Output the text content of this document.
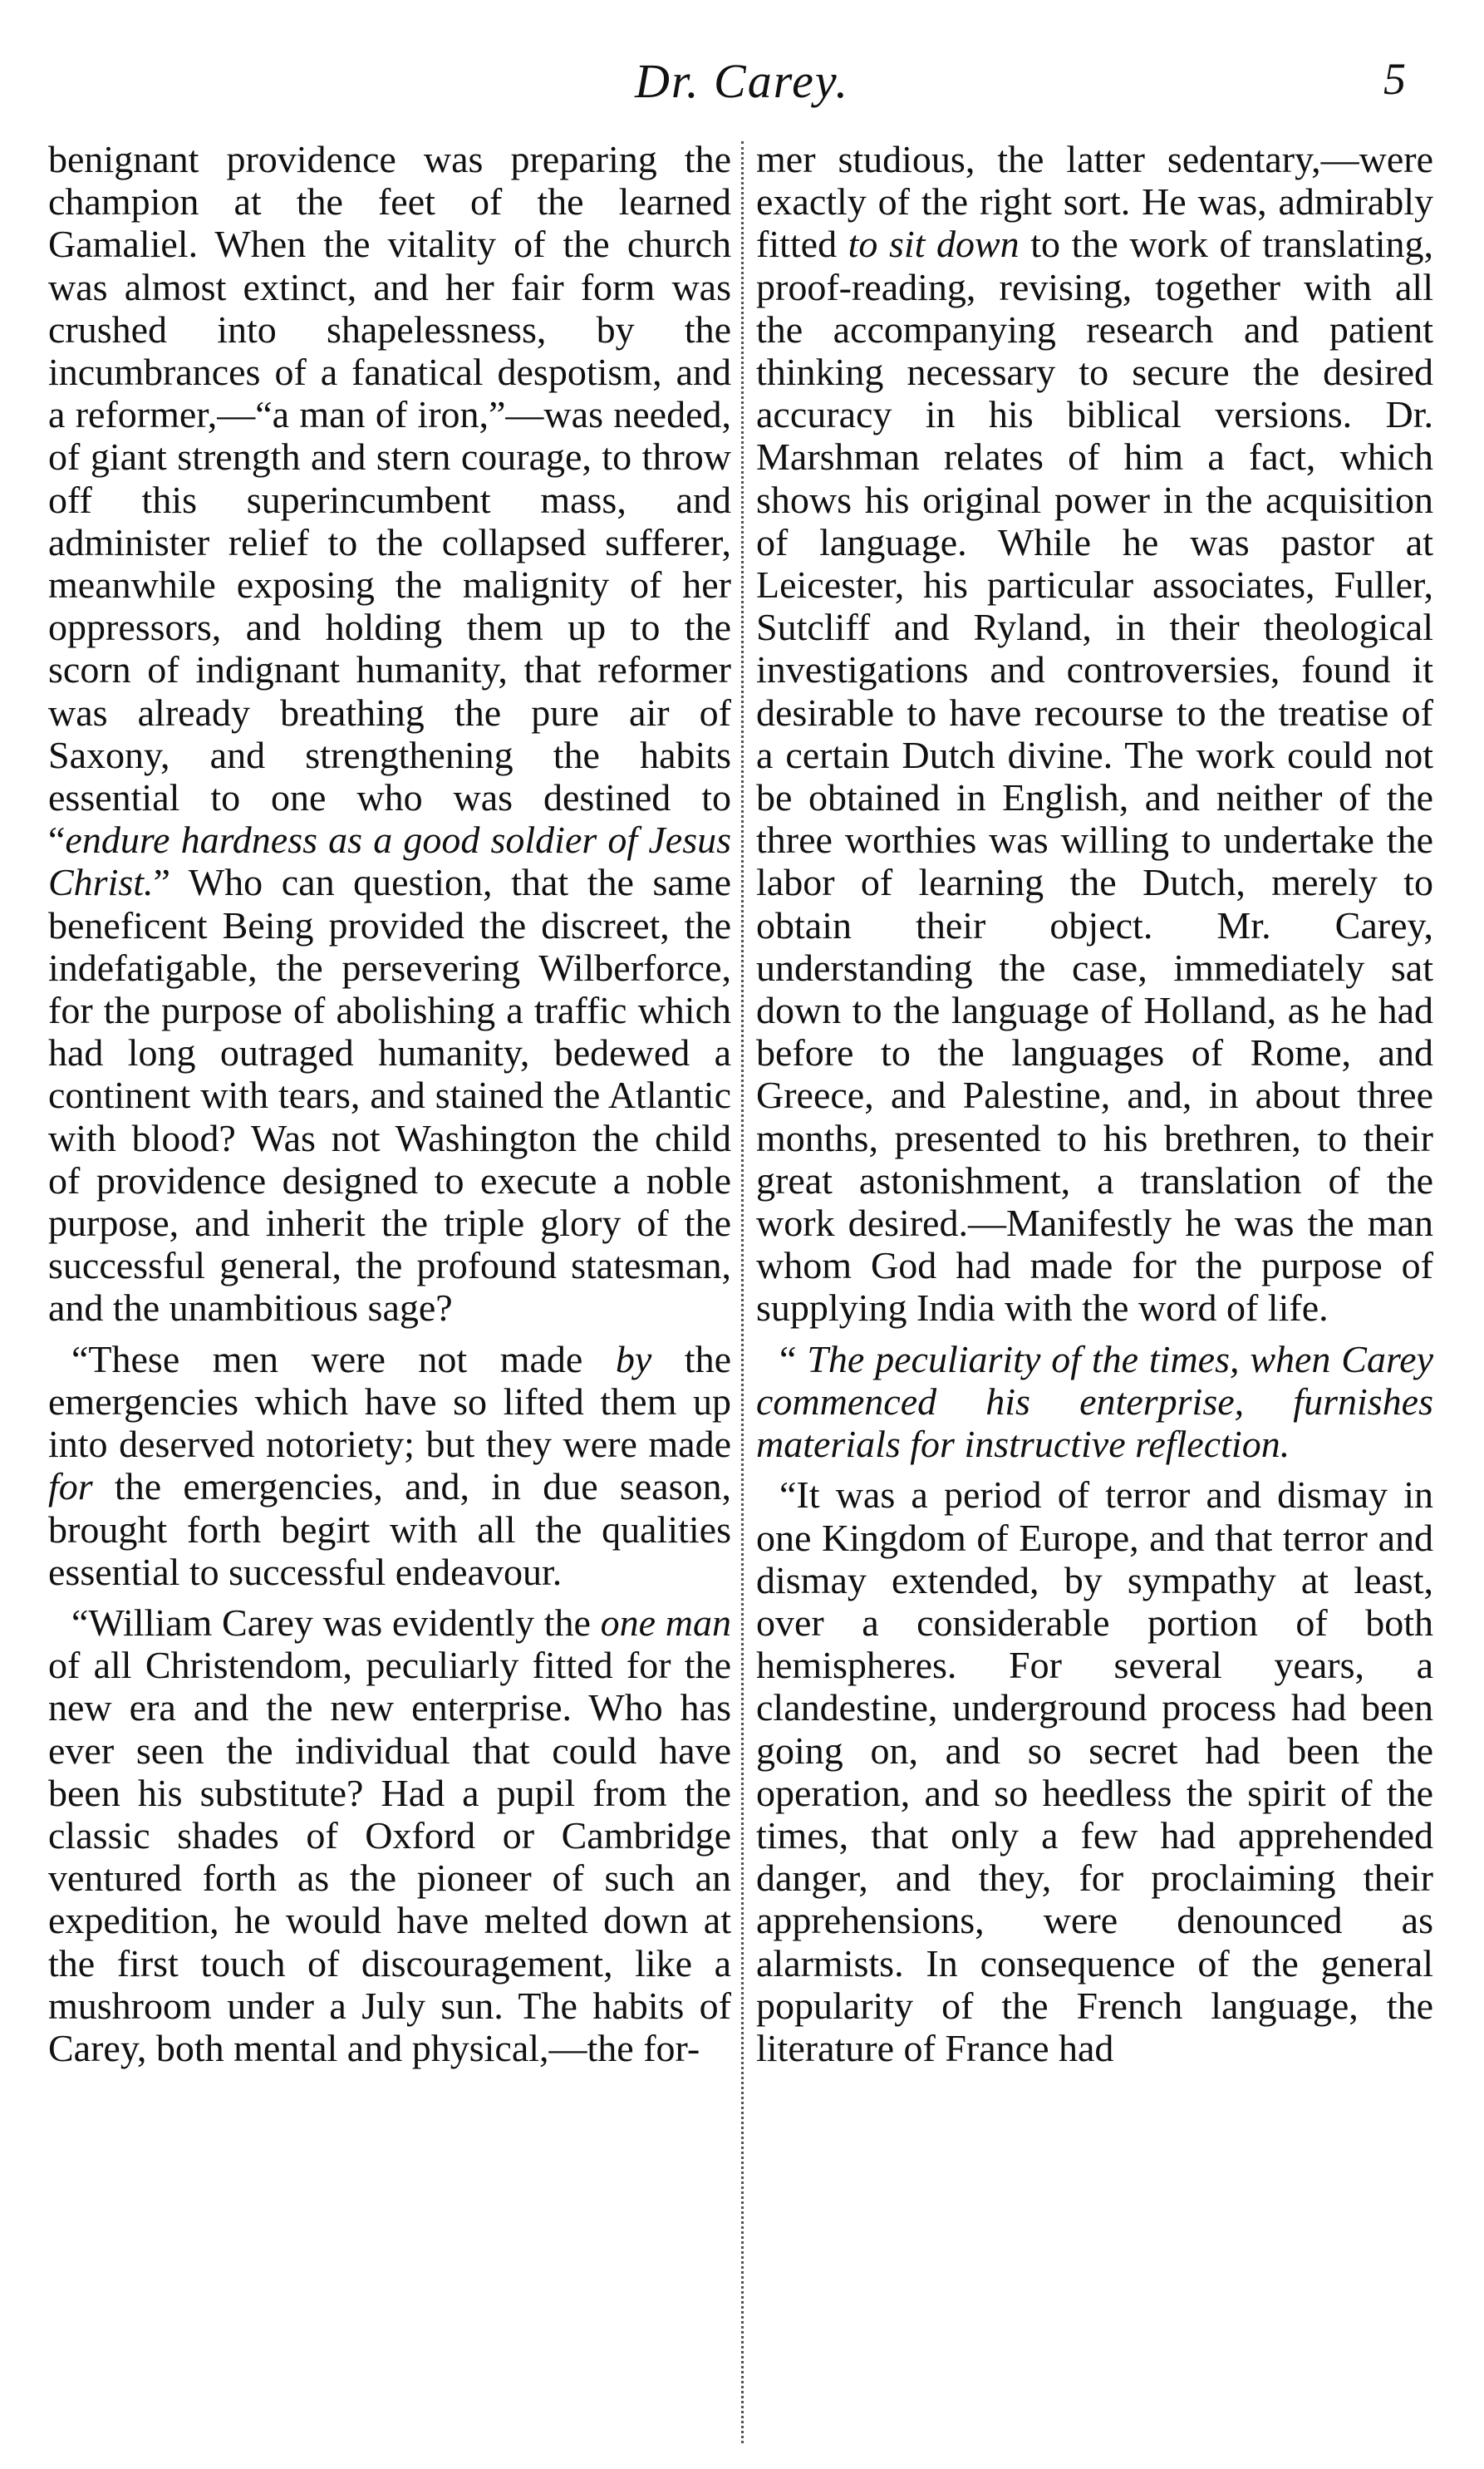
Dr. Carey.	5

benignant providence was preparing the champion at the feet of the learned Gamaliel. When the vitality of the church was almost extinct, and her fair form was crushed into shapelessness, by the incumbrances of a fanatical despotism, and a reformer,—“a man of iron,”—was needed, of giant strength and stern courage, to throw off this superincumbent mass, and administer relief to the collapsed sufferer, meanwhile exposing the malignity of her oppressors, and holding them up to the scorn of indignant humanity, that reformer was already breathing the pure air of Saxony, and strengthening the habits essential to one who was destined to “endure hardness as a good soldier of Jesus Christ.” Who can question, that the same beneficent Being provided the discreet, the indefatigable, the persevering Wilberforce, for the purpose of abolishing a traffic which had long outraged humanity, bedewed a continent with tears, and stained the Atlantic with blood? Was not Washington the child of providence designed to execute a noble purpose, and inherit the triple glory of the successful general, the profound statesman, and the unambitious sage?

“These men were not made by the emergencies which have so lifted them up into deserved notoriety; but they were made for the emergencies, and, in due season, brought forth begirt with all the qualities essential to successful endeavour.

“William Carey was evidently the one man of all Christendom, peculiarly fitted for the new era and the new enterprise. Who has ever seen the individual that could have been his substitute? Had a pupil from the classic shades of Oxford or Cambridge ventured forth as the pioneer of such an expedition, he would have melted down at the first touch of discouragement, like a mushroom under a July sun. The habits of Carey, both mental and physical,—the for-

mer studious, the latter sedentary,—were exactly of the right sort. He was, admirably fitted to sit down to the work of translating, proof-reading, revising, together with all the accompanying research and patient thinking necessary to secure the desired accuracy in his biblical versions. Dr. Marshman relates of him a fact, which shows his original power in the acquisition of language. While he was pastor at Leicester, his particular associates, Fuller, Sutcliff and Ryland, in their theological investigations and controversies, found it desirable to have recourse to the treatise of a certain Dutch divine. The work could not be obtained in English, and neither of the three worthies was willing to undertake the labor of learning the Dutch, merely to obtain their object. Mr. Carey, understanding the case, immediately sat down to the language of Holland, as he had before to the languages of Rome, and Greece, and Palestine, and, in about three months, presented to his brethren, to their great astonishment, a translation of the work desired.—Manifestly he was the man whom God had made for the purpose of supplying India with the word of life.

“ The peculiarity of the times, when Carey commenced his enterprise, furnishes materials for instructive reflection.

“It was a period of terror and dismay in one Kingdom of Europe, and that terror and dismay extended, by sympathy at least, over a considerable portion of both hemispheres. For several years, a clandestine, underground process had been going on, and so secret had been the operation, and so heedless the spirit of the times, that only a few had apprehended danger, and they, for proclaiming their apprehensions, were denounced as alarmists. In consequence of the general popularity of the French language, the literature of France had
